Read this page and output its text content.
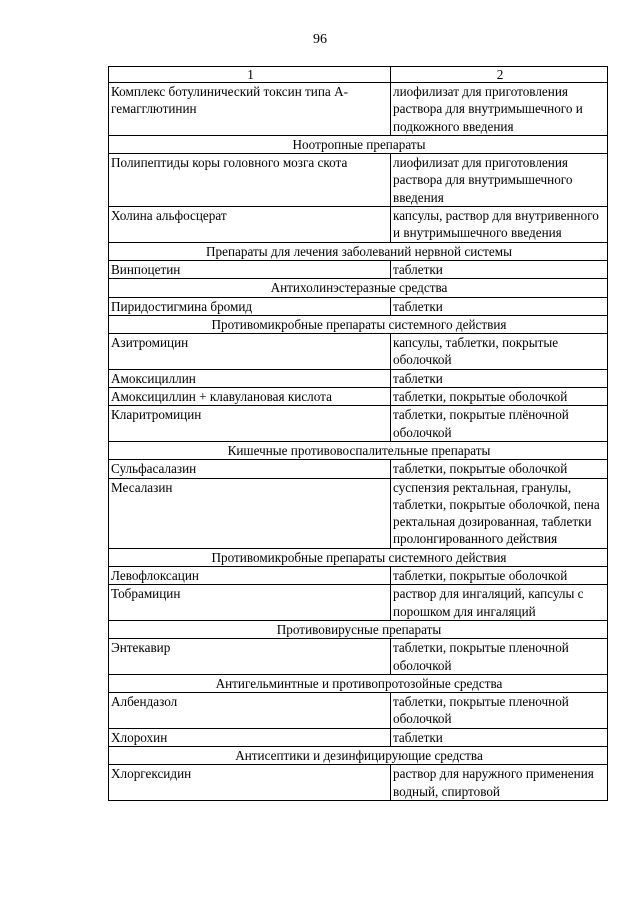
96
1	2
Комплекс ботулинический токсин типа А-гемагглютинин	лиофилизат для приготовления раствора для внутримышечного и подкожного введения
Ноотропные препараты	
Полипептиды коры головного мозга скота	лиофилизат для приготовления раствора для внутримышечного введения
Холина альфосцерат	капсулы, раствор для внутривенного и внутримышечного введения
Препараты для лечения заболеваний нервной системы	
Винпоцетин	таблетки
Антихолинэстеразные средства	
Пиридостигмина бромид	таблетки
Противомикробные препараты системного действия	
Азитромицин	капсулы, таблетки, покрытые оболочкой
Амоксициллин	таблетки
Амоксициллин + клавулановая кислота	таблетки, покрытые оболочкой
Кларитромицин	таблетки, покрытые плёночной оболочкой
Кишечные противовоспалительные препараты	
Сульфасалазин	таблетки, покрытые оболочкой
Месалазин	суспензия ректальная, гранулы, таблетки, покрытые оболочкой, пена ректальная дозированная, таблетки пролонгированного действия
Противомикробные препараты системного действия	
Левофлоксацин	таблетки, покрытые оболочкой
Тобрамицин	раствор для ингаляций, капсулы с порошком для ингаляций
Противовирусные препараты	
Энтекавир	таблетки, покрытые пленочной оболочкой
Антигельминтные и противопротозойные средства	
Албендазол	таблетки, покрытые пленочной оболочкой
Хлорохин	таблетки
Антисептики и дезинфицирующие средства	
Хлоргексидин	раствор для наружного применения водный, спиртовой
